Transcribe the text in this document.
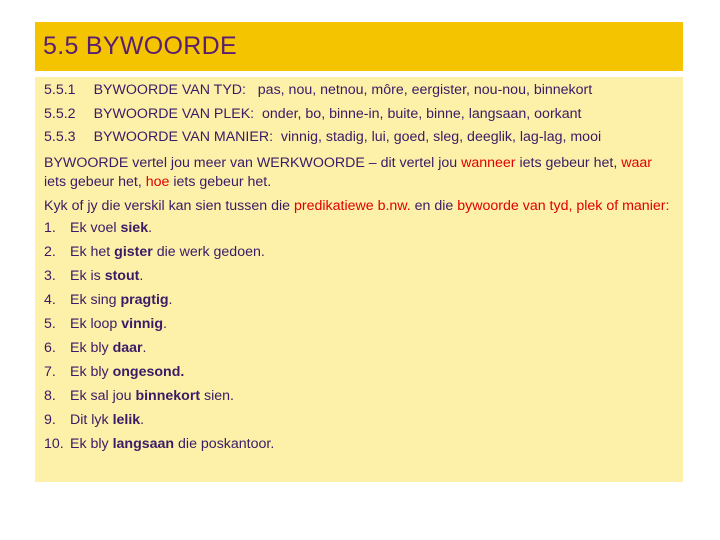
5.5 BYWOORDE
5.5.1 BYWOORDE VAN TYD: pas, nou, netnou, môre, eergister, nou-nou, binnekort
5.5.2 BYWOORDE VAN PLEK: onder, bo, binne-in, buite, binne, langsaan, oorkant
5.5.3 BYWOORDE VAN MANIER: vinnig, stadig, lui, goed, sleg, deeglik, lag-lag, mooi
BYWOORDE vertel jou meer van WERKWOORDE – dit vertel jou wanneer iets gebeur het, waar iets gebeur het, hoe iets gebeur het.
Kyk of jy die verskil kan sien tussen die predikatiewe b.nw. en die bywoorde van tyd, plek of manier:
1. Ek voel siek.
2. Ek het gister die werk gedoen.
3. Ek is stout.
4. Ek sing pragtig.
5. Ek loop vinnig.
6. Ek bly daar.
7. Ek bly ongesond.
8. Ek sal jou binnekort sien.
9. Dit lyk lelik.
10. Ek bly langsaan die poskantoor.
